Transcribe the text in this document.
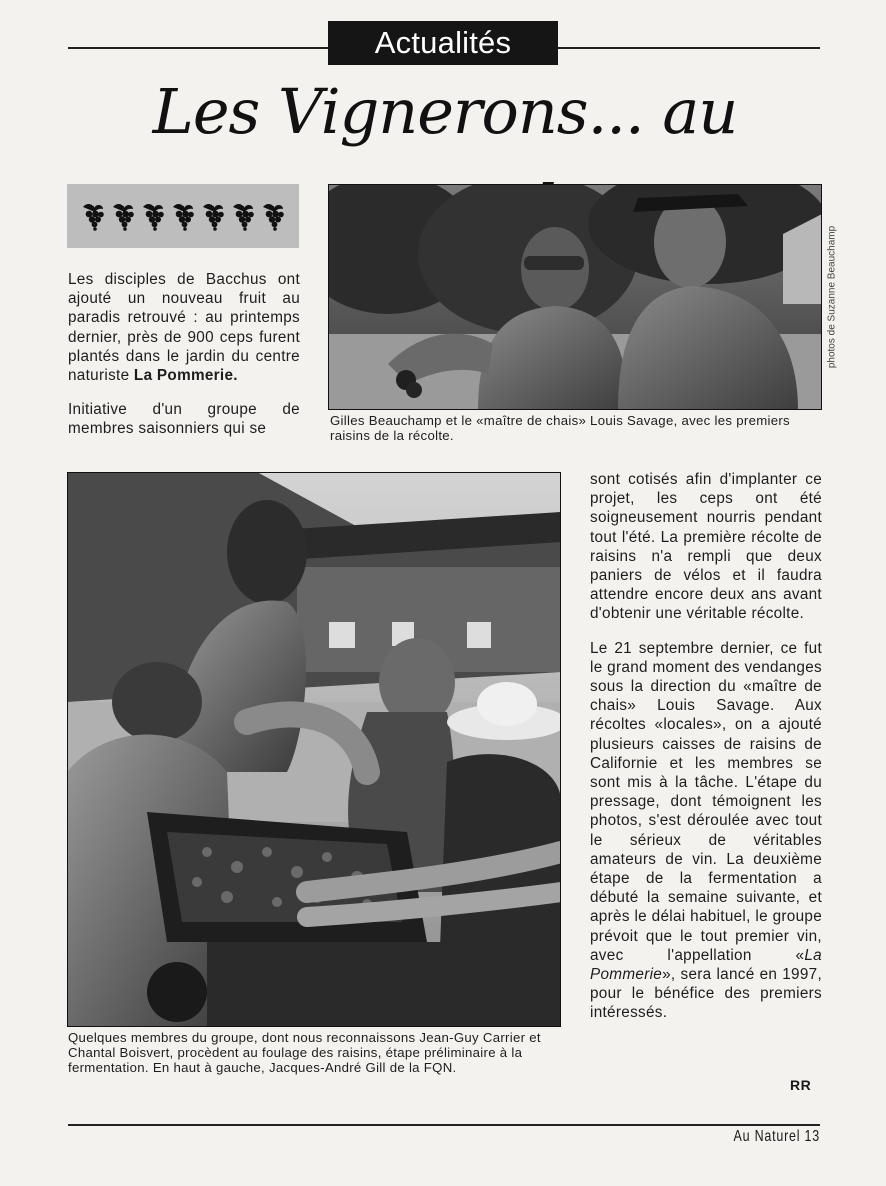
Actualités
Les Vignerons... au

Les disciples de Bacchus ont ajouté un nouveau fruit au paradis retrouvé : au printemps dernier, près de 900 ceps furent plantés dans le jardin du centre naturiste La Pommerie.

Initiative d'un groupe de membres saisonniers qui se

photos de Suzanne Beauchamp
Gilles Beauchamp et le «maître de chais» Louis Savage, avec les premiers raisins de la récolte.
Quelques membres du groupe, dont nous reconnaissons Jean-Guy Carrier et Chantal Boisvert, procèdent au foulage des raisins, étape préliminaire à la fermentation. En haut à gauche, Jacques-André Gill de la FQN.

sont cotisés afin d'implanter ce projet, les ceps ont été soigneusement nourris pendant tout l'été. La première récolte de raisins n'a rempli que deux paniers de vélos et il faudra attendre encore deux ans avant d'obtenir une véritable récolte.

Le 21 septembre dernier, ce fut le grand moment des vendanges sous la direction du «maître de chais» Louis Savage. Aux récoltes «locales», on a ajouté plusieurs caisses de raisins de Californie et les membres se sont mis à la tâche. L'étape du pressage, dont témoignent les photos, s'est déroulée avec tout le sérieux de véritables amateurs de vin. La deuxième étape de la fermentation a débuté la semaine suivante, et après le délai habituel, le groupe prévoit que le tout premier vin, avec l'appellation «La Pommerie», sera lancé en 1997, pour le bénéfice des premiers intéressés.

RR
Au Naturel 13
